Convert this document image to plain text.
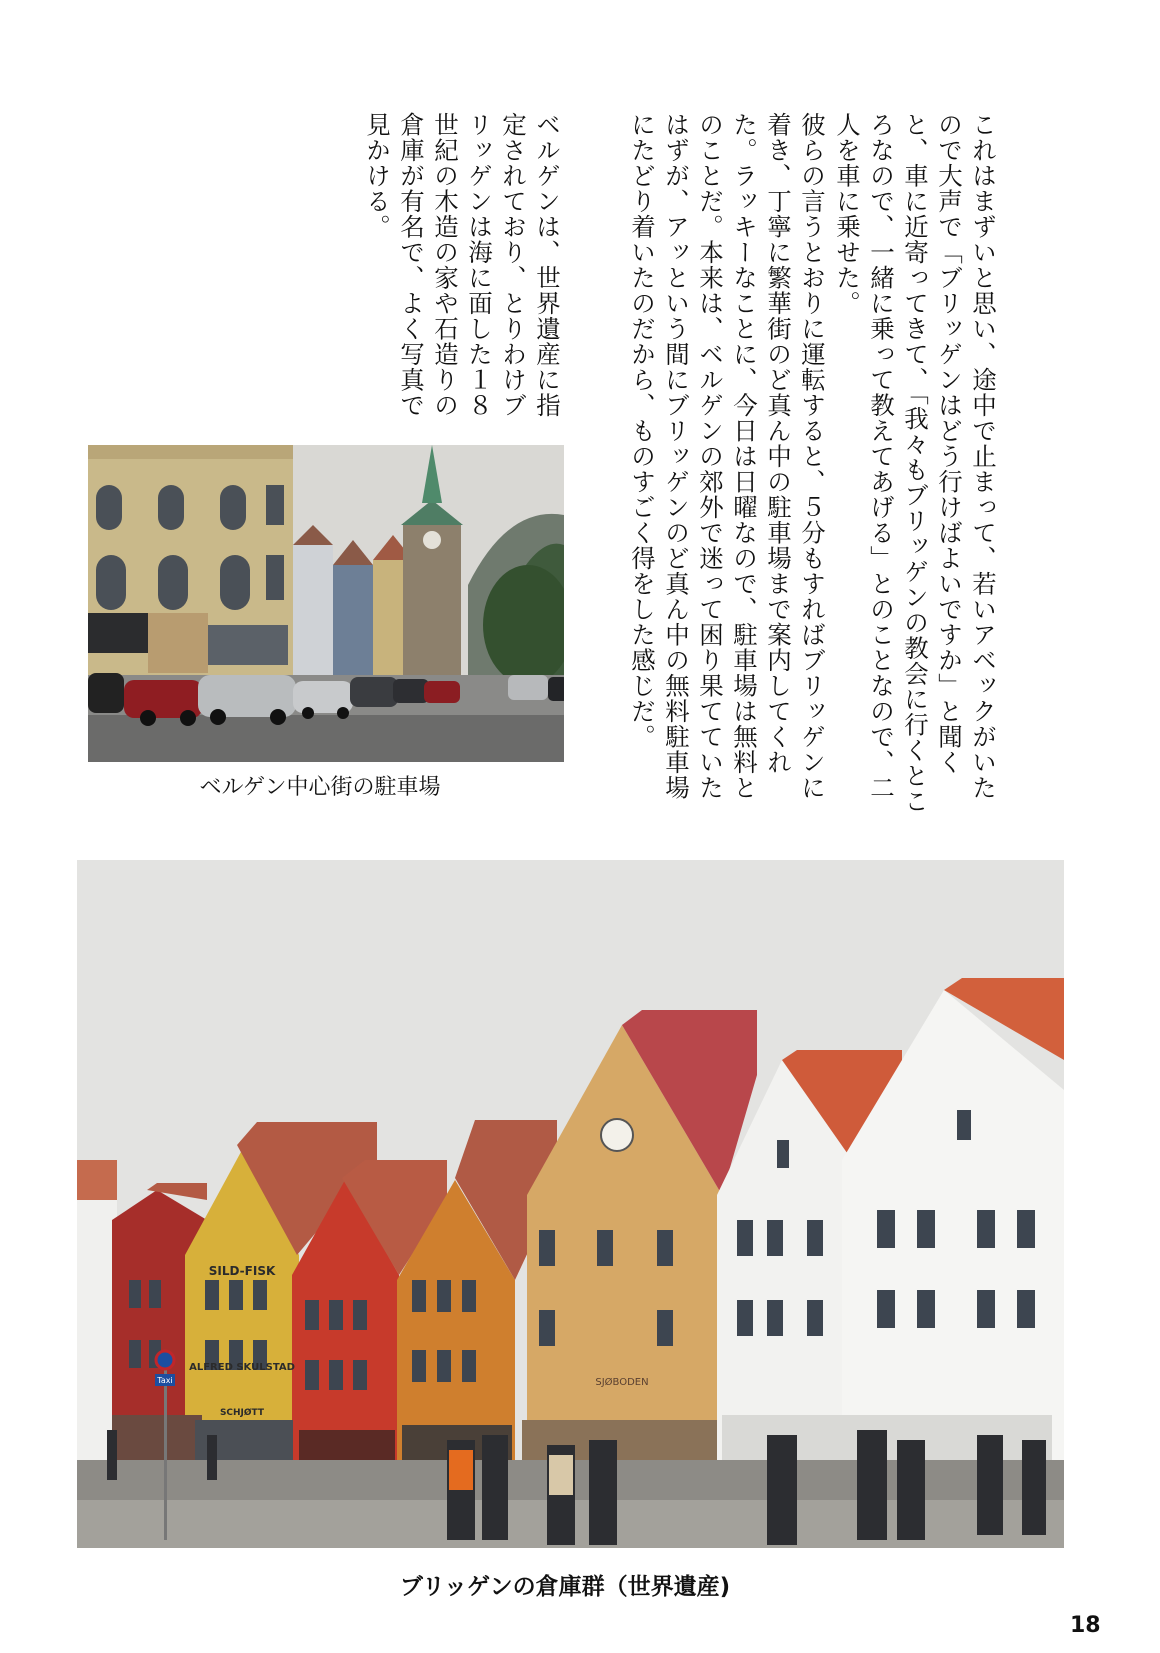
これはまずいと思い、途中で止まって、若いアベックがいたので大声で「ブリッゲンはどう行けばよいですか」と聞くと、車に近寄ってきて、「我々もブリッゲンの教会に行くところなので、一緒に乗って教えてあげる」とのことなので、二人を車に乗せた。

彼らの言うとおりに運転すると、５分もすればブリッゲンに着き、丁寧に繁華街のど真ん中の駐車場まで案内してくれた。ラッキーなことに、今日は日曜なので、駐車場は無料とのことだ。本来は、ベルゲンの郊外で迷って困り果てていたはずが、アッという間にブリッゲンのど真ん中の無料駐車場にたどり着いたのだから、ものすごく得をした感じだ。

ベルゲンは、世界遺産に指定されており、とりわけブリッゲンは海に面した１８世紀の木造の家や石造りの倉庫が有名で、よく写真で見かける。

ベルゲン中心街の駐車場
SILD-FISK
ALFRED SKULSTAD
SCHJØTT
SJØBODEN
Taxi
ブリッゲンの倉庫群（世界遺産)
18
